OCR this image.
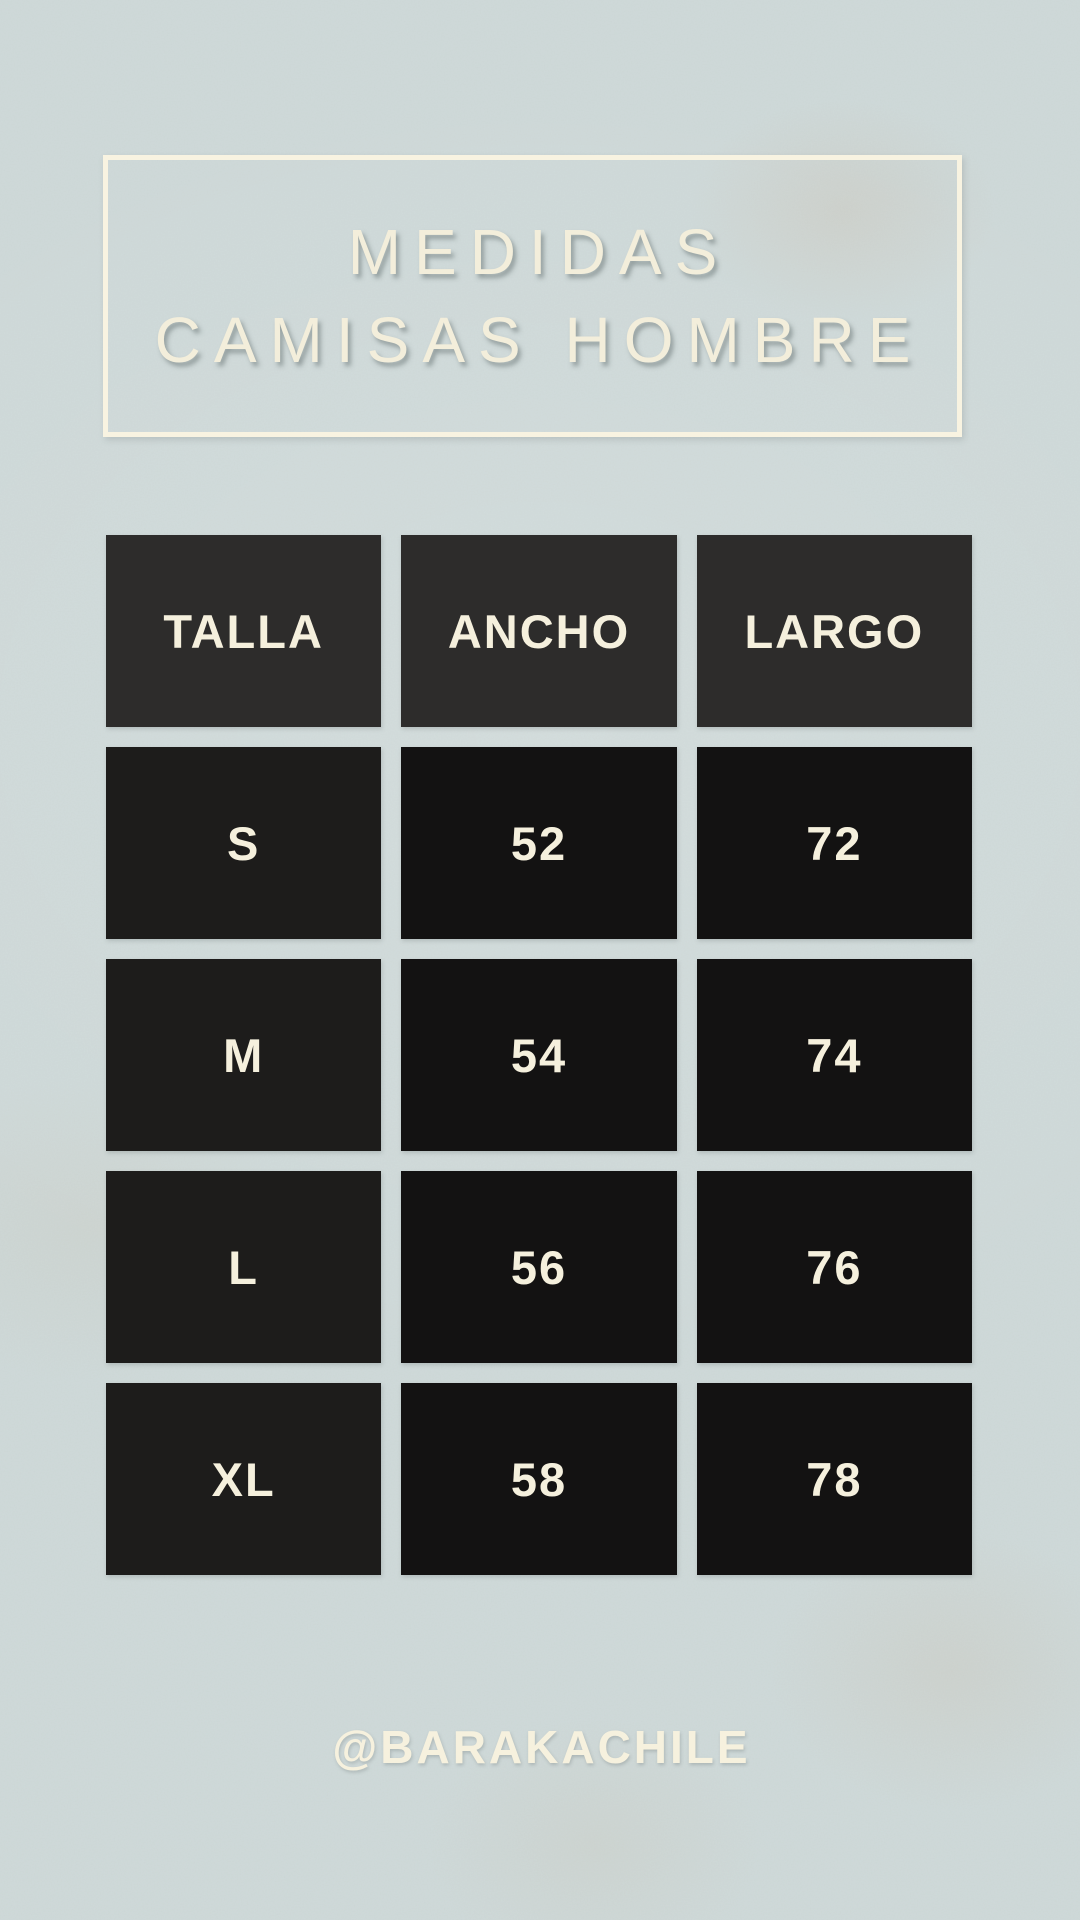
MEDIDAS
CAMISAS HOMBRE
TALLA	ANCHO	LARGO
S	52	72
M	54	74
L	56	76
XL	58	78
@BARAKACHILE
